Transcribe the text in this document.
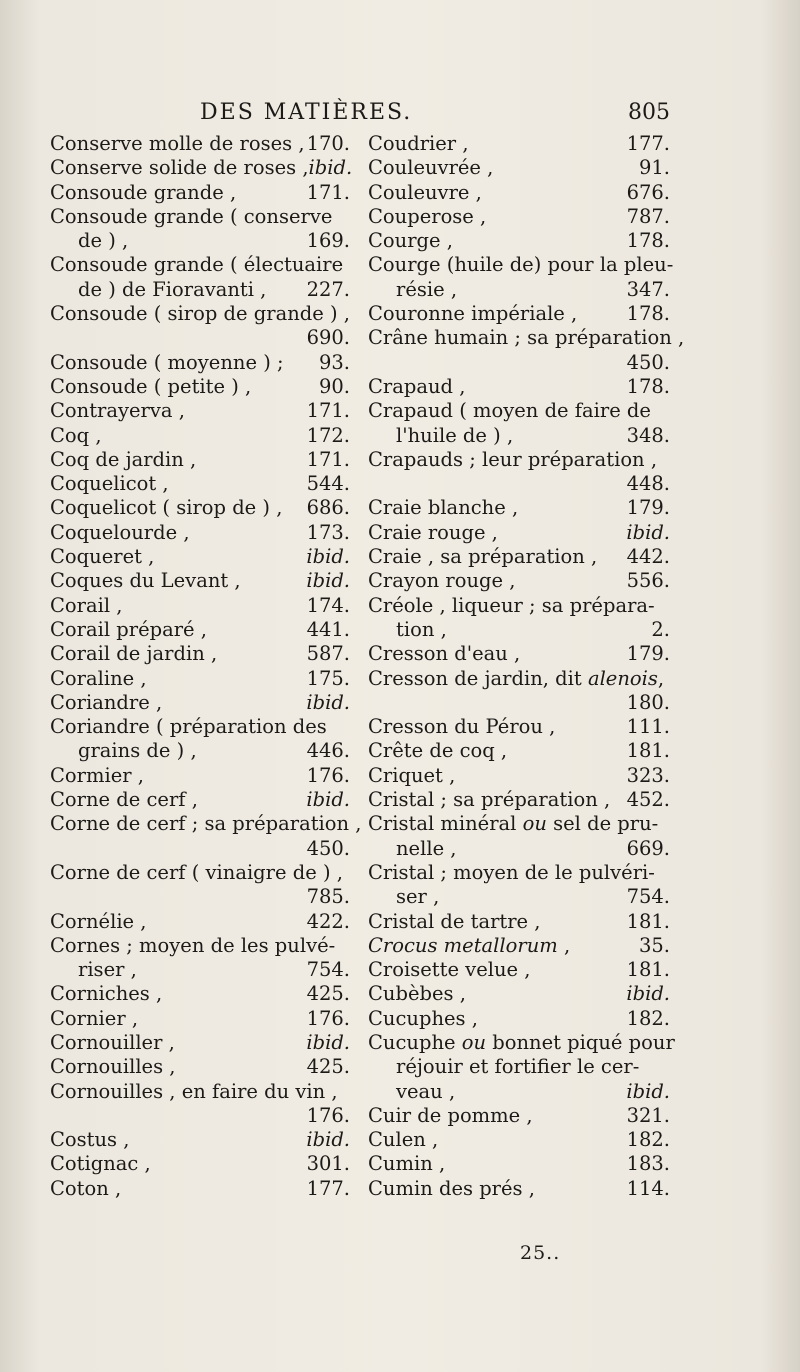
DES MATIÈRES.	805
Conserve molle de roses , 170.
Conserve solide de roses , ibid.
Consoude grande ,	171.
Consoude grande ( conserve
de ) ,	169.
Consoude grande ( électuaire
de ) de Fioravanti , 227.
Consoude ( sirop de grande ) ,
690.
Consoude ( moyenne ) ; 93.
Consoude ( petite ) ,	90.
Contrayerva ,	171.
Coq ,	172.
Coq de jardin ,	171.
Coquelicot ,	544.
Coquelicot ( sirop de ) , 686.
Coquelourde ,	173.
Coqueret ,	ibid.
Coques du Levant ,	ibid.
Corail ,	174.
Corail préparé ,	441.
Corail de jardin ,	587.
Coraline ,	175.
Coriandre ,	ibid.
Coriandre ( préparation des
grains de ) ,	446.
Cormier ,	176.
Corne de cerf ,	ibid.
Corne de cerf ; sa préparation ,
450.
Corne de cerf ( vinaigre de ) ,
785.
Cornélie ,	422.
Cornes ; moyen de les pulvé-
riser ,	754.
Corniches ,	425.
Cornier ,	176.
Cornouiller ,	ibid.
Cornouilles ,	425.
Cornouilles , en faire du vin ,
176.
Costus ,	ibid.
Cotignac ,	301.
Coton ,	177.
Coudrier ,	177.
Couleuvrée ,	91.
Couleuvre ,	676.
Couperose ,	787.
Courge ,	178.
Courge (huile de) pour la pleu-
résie ,	347.
Couronne impériale ,	178.
Crâne humain ; sa préparation ,
450.
Crapaud ,	178.
Crapaud ( moyen de faire de
l'huile de ) ,	348.
Crapauds ; leur préparation ,
448.
Craie blanche ,	179.
Craie rouge ,	ibid.
Craie , sa préparation , 442.
Crayon rouge ,	556.
Créole , liqueur ; sa prépara-
tion ,	2.
Cresson d'eau ,	179.
Cresson de jardin, dit alenois,
180.
Cresson du Pérou ,	111.
Crête de coq ,	181.
Criquet ,	323.
Cristal ; sa préparation , 452.
Cristal minéral ou sel de pru-
nelle ,	669.
Cristal ; moyen de le pulvéri-
ser ,	754.
Cristal de tartre ,	181.
Crocus metallorum ,	35.
Croisette velue ,	181.
Cubèbes ,	ibid.
Cucuphes ,	182.
Cucuphe ou bonnet piqué pour
réjouir et fortifier le cer-
veau ,	ibid.
Cuir de pomme ,	321.
Culen ,	182.
Cumin ,	183.
Cumin des prés ,	114.
25..
